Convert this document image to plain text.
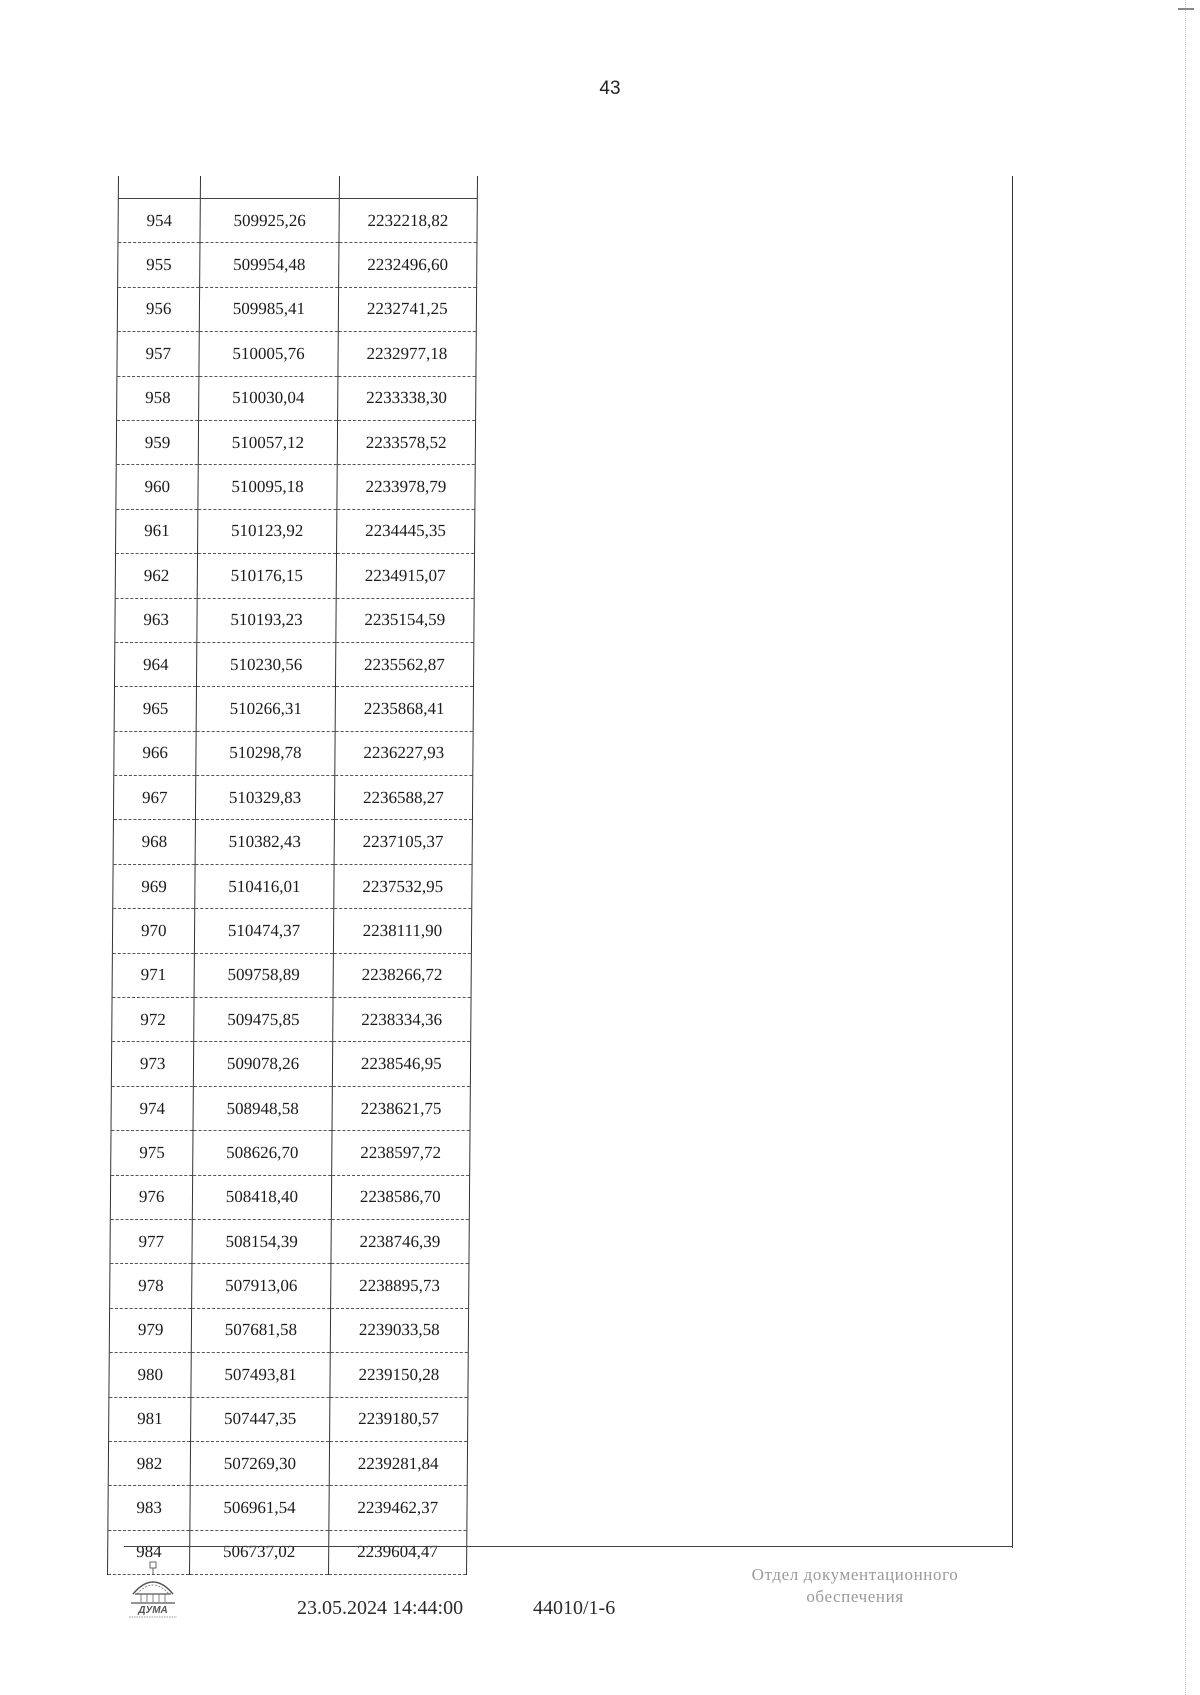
43

954	509925,26	2232218,82
955	509954,48	2232496,60
956	509985,41	2232741,25
957	510005,76	2232977,18
958	510030,04	2233338,30
959	510057,12	2233578,52
960	510095,18	2233978,79
961	510123,92	2234445,35
962	510176,15	2234915,07
963	510193,23	2235154,59
964	510230,56	2235562,87
965	510266,31	2235868,41
966	510298,78	2236227,93
967	510329,83	2236588,27
968	510382,43	2237105,37
969	510416,01	2237532,95
970	510474,37	2238111,90
971	509758,89	2238266,72
972	509475,85	2238334,36
973	509078,26	2238546,95
974	508948,58	2238621,75
975	508626,70	2238597,72
976	508418,40	2238586,70
977	508154,39	2238746,39
978	507913,06	2238895,73
979	507681,58	2239033,58
980	507493,81	2239150,28
981	507447,35	2239180,57
982	507269,30	2239281,84
983	506961,54	2239462,37
984	506737,02	2239604,47
ДУМА	23.05.2024 14:44:00	44010/1-6
Отдел документационного
обеспечения
